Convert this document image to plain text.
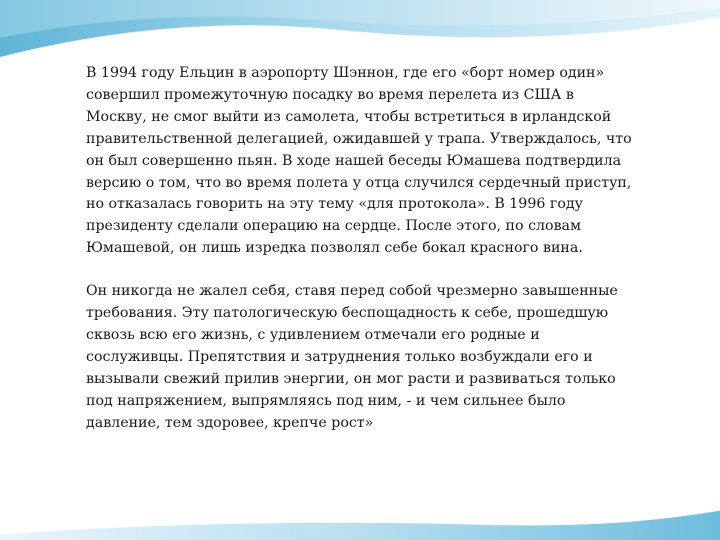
В 1994 году Ельцин в аэропорту Шэннон, где его «борт номер один» совершил промежуточную посадку во время перелета из США в Москву, не смог выйти из самолета, чтобы встретиться в ирландской правительственной делегацией, ожидавшей у трапа. Утверждалось, что он был совершенно пьян. В ходе нашей беседы Юмашева подтвердила версию о том, что во время полета у отца случился сердечный приступ, но отказалась говорить на эту тему «для протокола». В 1996 году президенту сделали операцию на сердце. После этого, по словам Юмашевой, он лишь изредка позволял себе бокал красного вина.

Он никогда не жалел себя, ставя перед собой чрезмерно завышенные требования. Эту патологическую беспощадность к себе, прошедшую сквозь всю его жизнь, с удивлением отмечали его родные и сослуживцы. Препятствия и затруднения только возбуждали его и вызывали свежий прилив энергии, он мог расти и развиваться только под напряжением, выпрямляясь под ним, - и чем сильнее было давление, тем здоровее, крепче рост»
